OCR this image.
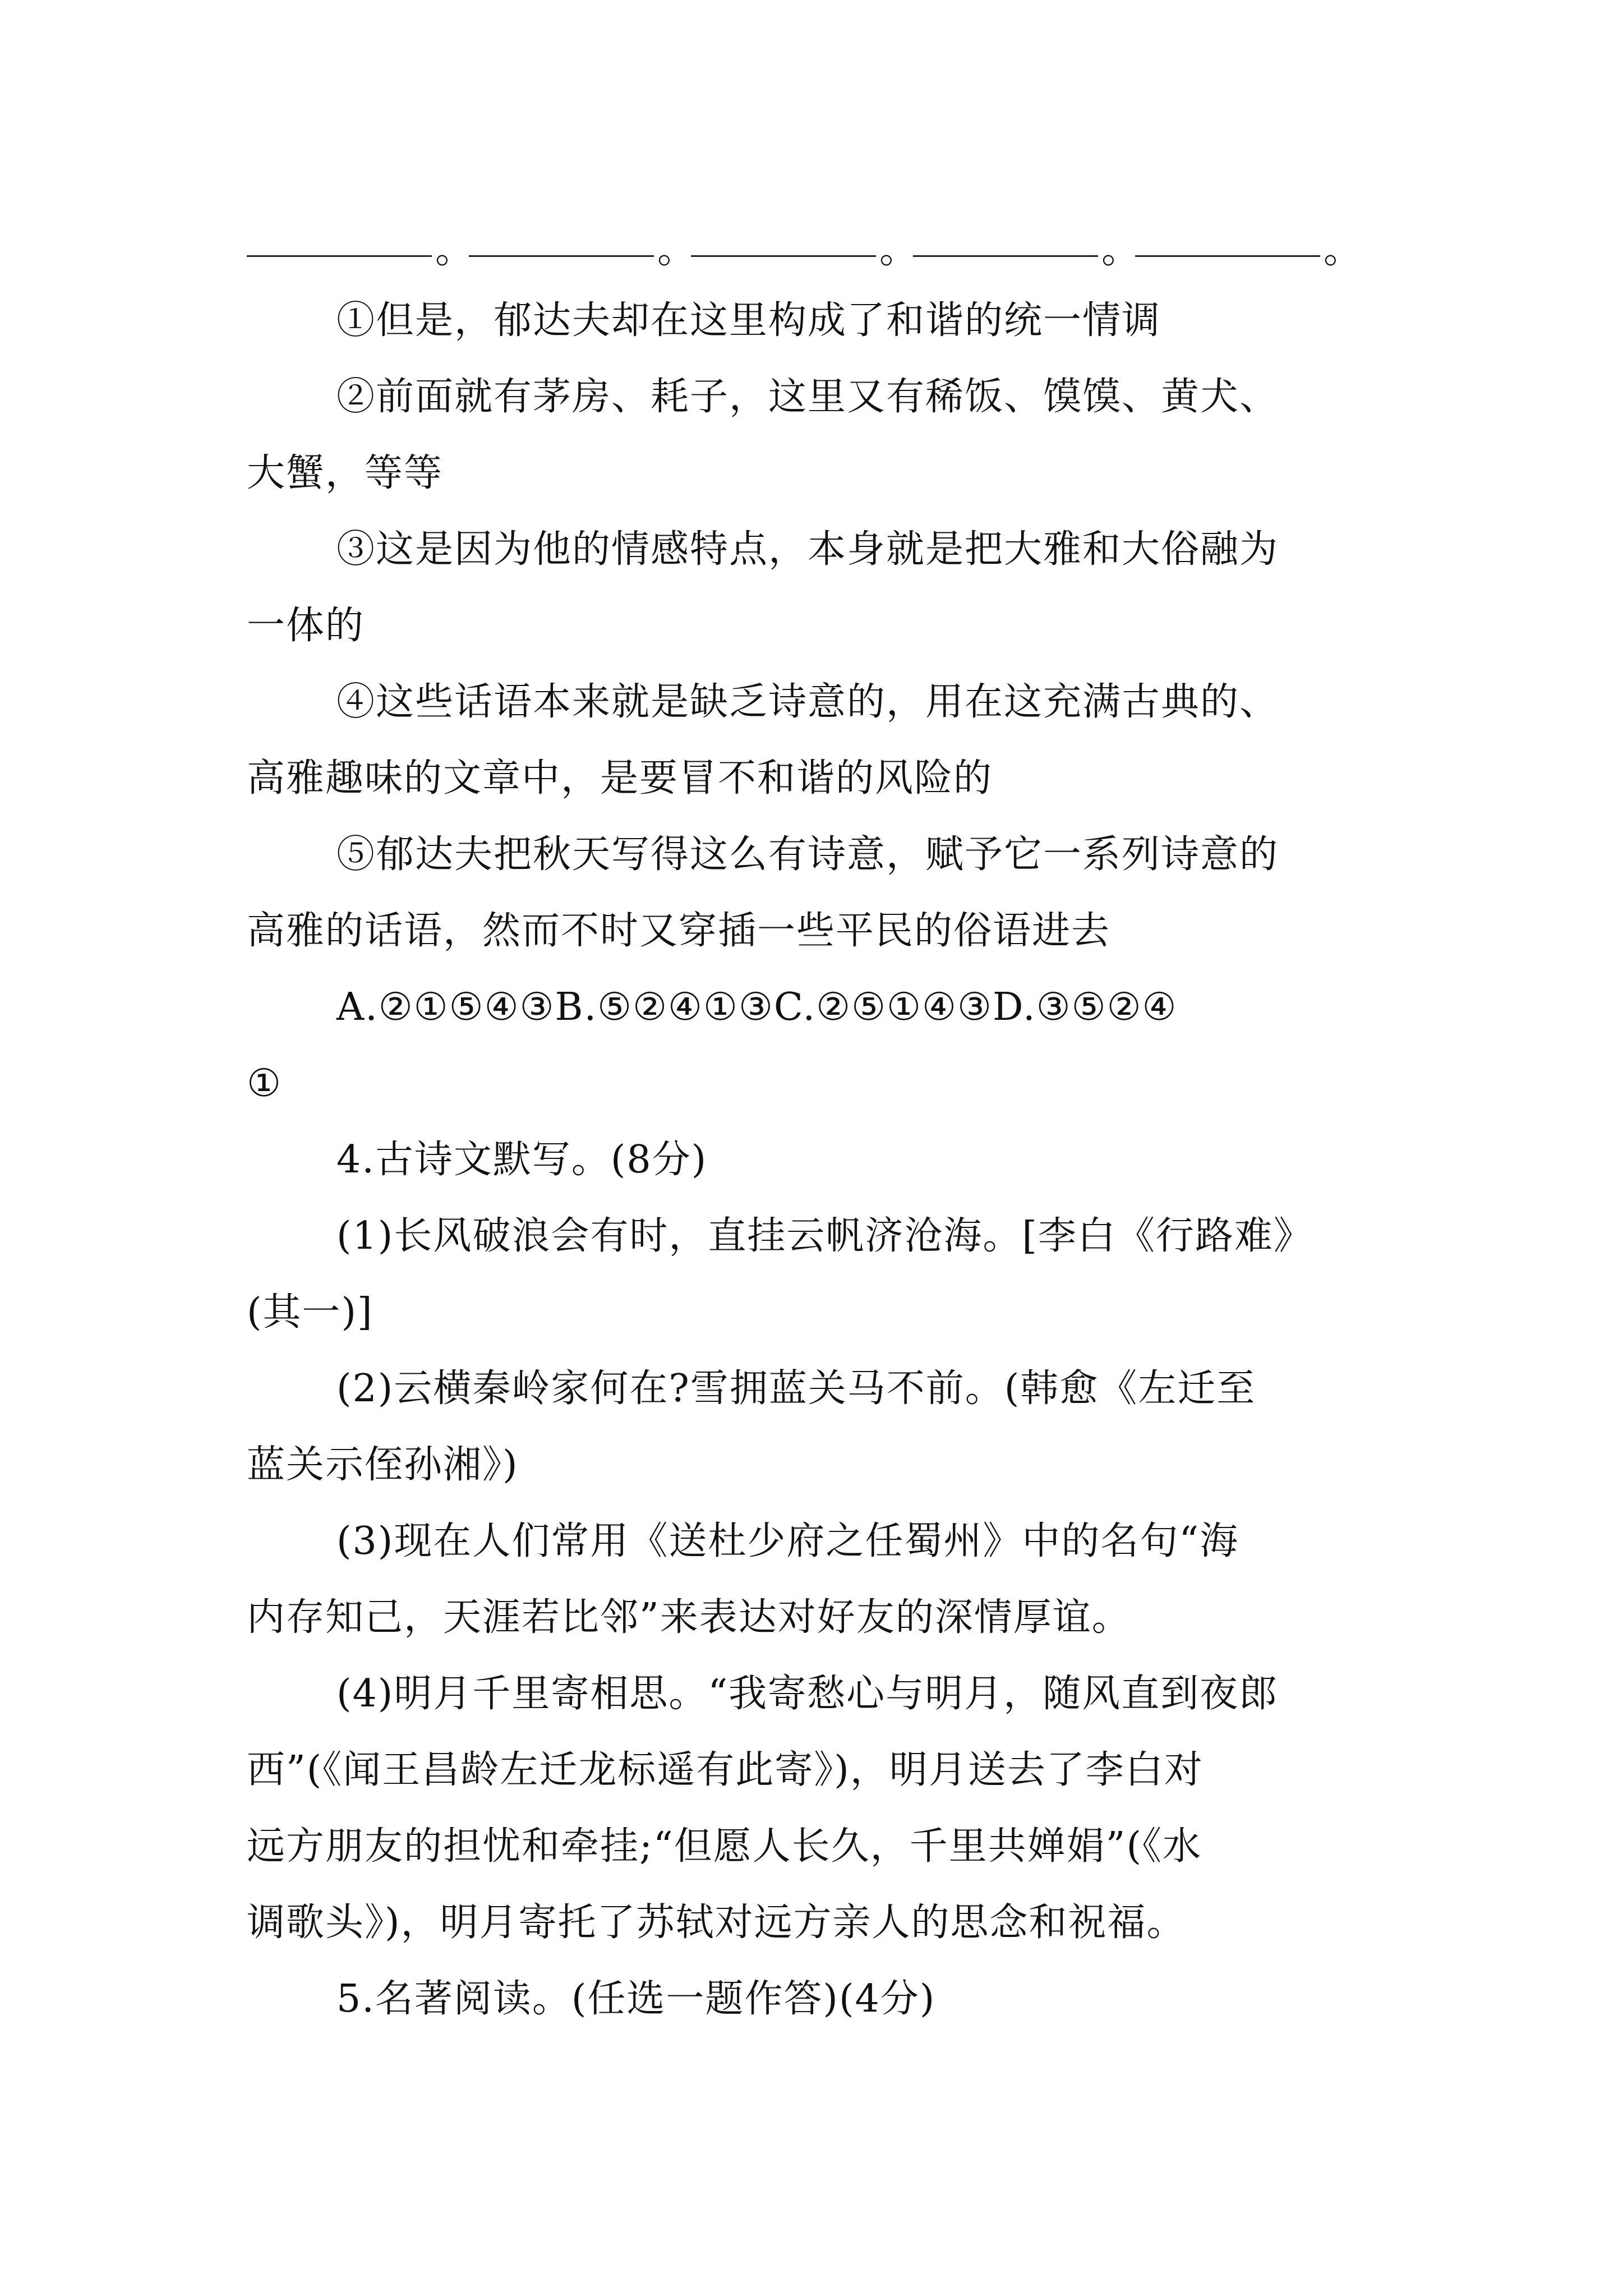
。	。	。	。	。
①但是，郁达夫却在这里构成了和谐的统一情调
②前面就有茅房、耗子，这里又有稀饭、馍馍、黄犬、
大蟹，等等
③这是因为他的情感特点，本身就是把大雅和大俗融为
一体的
④这些话语本来就是缺乏诗意的，用在这充满古典的、
高雅趣味的文章中，是要冒不和谐的风险的
⑤郁达夫把秋天写得这么有诗意，赋予它一系列诗意的
高雅的话语，然而不时又穿插一些平民的俗语进去
A.②①⑤④③B.⑤②④①③C.②⑤①④③D.③⑤②④
①
4.古诗文默写。(8分)
(1)长风破浪会有时，直挂云帆济沧海。[李白《行路难》
(其一)]
(2)云横秦岭家何在?雪拥蓝关马不前。(韩愈《左迁至
蓝关示侄孙湘》)
(3)现在人们常用《送杜少府之任蜀州》中的名句“海
内存知己，天涯若比邻”来表达对好友的深情厚谊。
(4)明月千里寄相思。“我寄愁心与明月，随风直到夜郎
西”(《闻王昌龄左迁龙标遥有此寄》)，明月送去了李白对
远方朋友的担忧和牵挂;“但愿人长久，千里共婵娟”(《水
调歌头》)，明月寄托了苏轼对远方亲人的思念和祝福。
5.名著阅读。(任选一题作答)(4分)
